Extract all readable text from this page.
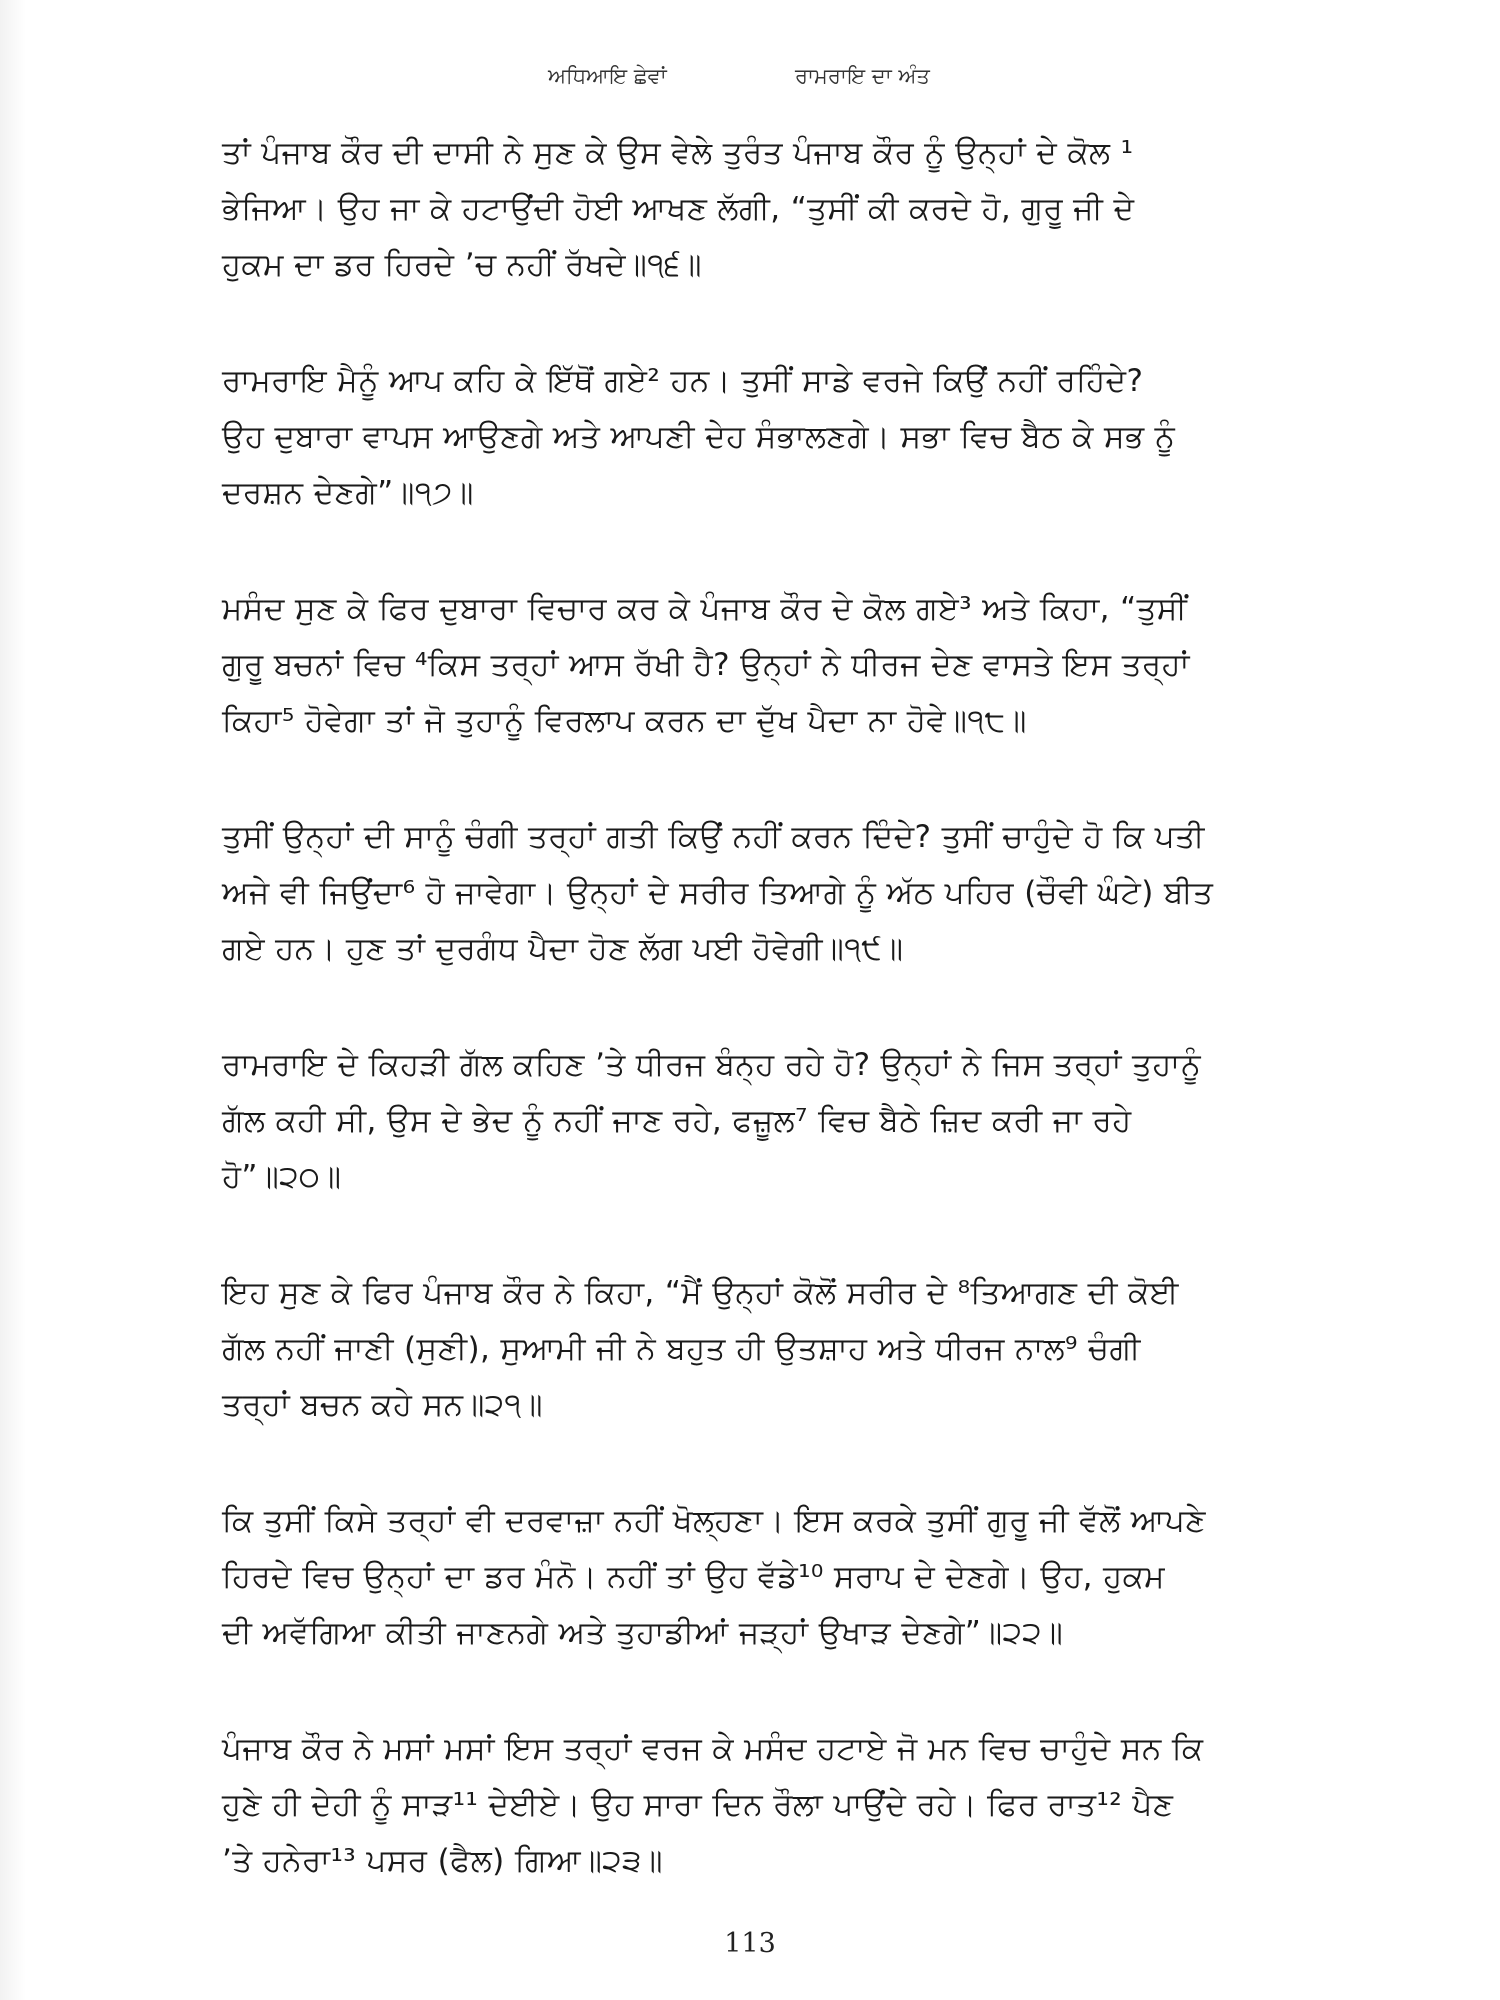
ਅਧਿਆਇ ਛੇਵਾਂ	ਰਾਮਰਾਇ ਦਾ ਅੰਤ
ਤਾਂ ਪੰਜਾਬ ਕੌਰ ਦੀ ਦਾਸੀ ਨੇ ਸੁਣ ਕੇ ਉਸ ਵੇਲੇ ਤੁਰੰਤ ਪੰਜਾਬ ਕੌਰ ਨੂੰ ਉਨ੍ਹਾਂ ਦੇ ਕੋਲ ¹
ਭੇਜਿਆ। ਉਹ ਜਾ ਕੇ ਹਟਾਉਂਦੀ ਹੋਈ ਆਖਣ ਲੱਗੀ, “ਤੁਸੀਂ ਕੀ ਕਰਦੇ ਹੋ, ਗੁਰੂ ਜੀ ਦੇ
ਹੁਕਮ ਦਾ ਡਰ ਹਿਰਦੇ ’ਚ ਨਹੀਂ ਰੱਖਦੇ॥੧੬॥
ਰਾਮਰਾਇ ਮੈਨੂੰ ਆਪ ਕਹਿ ਕੇ ਇੱਥੋਂ ਗਏ² ਹਨ। ਤੁਸੀਂ ਸਾਡੇ ਵਰਜੇ ਕਿਉਂ ਨਹੀਂ ਰਹਿੰਦੇ?
ਉਹ ਦੁਬਾਰਾ ਵਾਪਸ ਆਉਣਗੇ ਅਤੇ ਆਪਣੀ ਦੇਹ ਸੰਭਾਲਣਗੇ। ਸਭਾ ਵਿਚ ਬੈਠ ਕੇ ਸਭ ਨੂੰ
ਦਰਸ਼ਨ ਦੇਣਗੇ”॥੧੭॥
ਮਸੰਦ ਸੁਣ ਕੇ ਫਿਰ ਦੁਬਾਰਾ ਵਿਚਾਰ ਕਰ ਕੇ ਪੰਜਾਬ ਕੌਰ ਦੇ ਕੋਲ ਗਏ³ ਅਤੇ ਕਿਹਾ, “ਤੁਸੀਂ
ਗੁਰੂ ਬਚਨਾਂ ਵਿਚ ⁴ਕਿਸ ਤਰ੍ਹਾਂ ਆਸ ਰੱਖੀ ਹੈ? ਉਨ੍ਹਾਂ ਨੇ ਧੀਰਜ ਦੇਣ ਵਾਸਤੇ ਇਸ ਤਰ੍ਹਾਂ
ਕਿਹਾ⁵ ਹੋਵੇਗਾ ਤਾਂ ਜੋ ਤੁਹਾਨੂੰ ਵਿਰਲਾਪ ਕਰਨ ਦਾ ਦੁੱਖ ਪੈਦਾ ਨਾ ਹੋਵੇ॥੧੮॥
ਤੁਸੀਂ ਉਨ੍ਹਾਂ ਦੀ ਸਾਨੂੰ ਚੰਗੀ ਤਰ੍ਹਾਂ ਗਤੀ ਕਿਉਂ ਨਹੀਂ ਕਰਨ ਦਿੰਦੇ? ਤੁਸੀਂ ਚਾਹੁੰਦੇ ਹੋ ਕਿ ਪਤੀ
ਅਜੇ ਵੀ ਜਿਉਂਦਾ⁶ ਹੋ ਜਾਵੇਗਾ। ਉਨ੍ਹਾਂ ਦੇ ਸਰੀਰ ਤਿਆਗੇ ਨੂੰ ਅੱਠ ਪਹਿਰ (ਚੌਵੀ ਘੰਟੇ) ਬੀਤ
ਗਏ ਹਨ। ਹੁਣ ਤਾਂ ਦੁਰਗੰਧ ਪੈਦਾ ਹੋਣ ਲੱਗ ਪਈ ਹੋਵੇਗੀ॥੧੯॥
ਰਾਮਰਾਇ ਦੇ ਕਿਹੜੀ ਗੱਲ ਕਹਿਣ ’ਤੇ ਧੀਰਜ ਬੰਨ੍ਹ ਰਹੇ ਹੋ? ਉਨ੍ਹਾਂ ਨੇ ਜਿਸ ਤਰ੍ਹਾਂ ਤੁਹਾਨੂੰ
ਗੱਲ ਕਹੀ ਸੀ, ਉਸ ਦੇ ਭੇਦ ਨੂੰ ਨਹੀਂ ਜਾਣ ਰਹੇ, ਫਜ਼ੂਲ⁷ ਵਿਚ ਬੈਠੇ ਜ਼ਿਦ ਕਰੀ ਜਾ ਰਹੇ
ਹੋ”॥੨੦॥
ਇਹ ਸੁਣ ਕੇ ਫਿਰ ਪੰਜਾਬ ਕੌਰ ਨੇ ਕਿਹਾ, “ਮੈਂ ਉਨ੍ਹਾਂ ਕੋਲੋਂ ਸਰੀਰ ਦੇ ⁸ਤਿਆਗਣ ਦੀ ਕੋਈ
ਗੱਲ ਨਹੀਂ ਜਾਣੀ (ਸੁਣੀ), ਸੁਆਮੀ ਜੀ ਨੇ ਬਹੁਤ ਹੀ ਉਤਸ਼ਾਹ ਅਤੇ ਧੀਰਜ ਨਾਲ⁹ ਚੰਗੀ
ਤਰ੍ਹਾਂ ਬਚਨ ਕਹੇ ਸਨ॥੨੧॥
ਕਿ ਤੁਸੀਂ ਕਿਸੇ ਤਰ੍ਹਾਂ ਵੀ ਦਰਵਾਜ਼ਾ ਨਹੀਂ ਖੋਲ੍ਹਣਾ। ਇਸ ਕਰਕੇ ਤੁਸੀਂ ਗੁਰੂ ਜੀ ਵੱਲੋਂ ਆਪਣੇ
ਹਿਰਦੇ ਵਿਚ ਉਨ੍ਹਾਂ ਦਾ ਡਰ ਮੰਨੋ। ਨਹੀਂ ਤਾਂ ਉਹ ਵੱਡੇ¹⁰ ਸਰਾਪ ਦੇ ਦੇਣਗੇ। ਉਹ, ਹੁਕਮ
ਦੀ ਅਵੱਗਿਆ ਕੀਤੀ ਜਾਣਨਗੇ ਅਤੇ ਤੁਹਾਡੀਆਂ ਜੜ੍ਹਾਂ ਉਖਾੜ ਦੇਣਗੇ”॥੨੨॥
ਪੰਜਾਬ ਕੌਰ ਨੇ ਮਸਾਂ ਮਸਾਂ ਇਸ ਤਰ੍ਹਾਂ ਵਰਜ ਕੇ ਮਸੰਦ ਹਟਾਏ ਜੋ ਮਨ ਵਿਚ ਚਾਹੁੰਦੇ ਸਨ ਕਿ
ਹੁਣੇ ਹੀ ਦੇਹੀ ਨੂੰ ਸਾੜ¹¹ ਦੇਈਏ। ਉਹ ਸਾਰਾ ਦਿਨ ਰੌਲਾ ਪਾਉਂਦੇ ਰਹੇ। ਫਿਰ ਰਾਤ¹² ਪੈਣ
’ਤੇ ਹਨੇਰਾ¹³ ਪਸਰ (ਫੈਲ) ਗਿਆ॥੨੩॥
113
